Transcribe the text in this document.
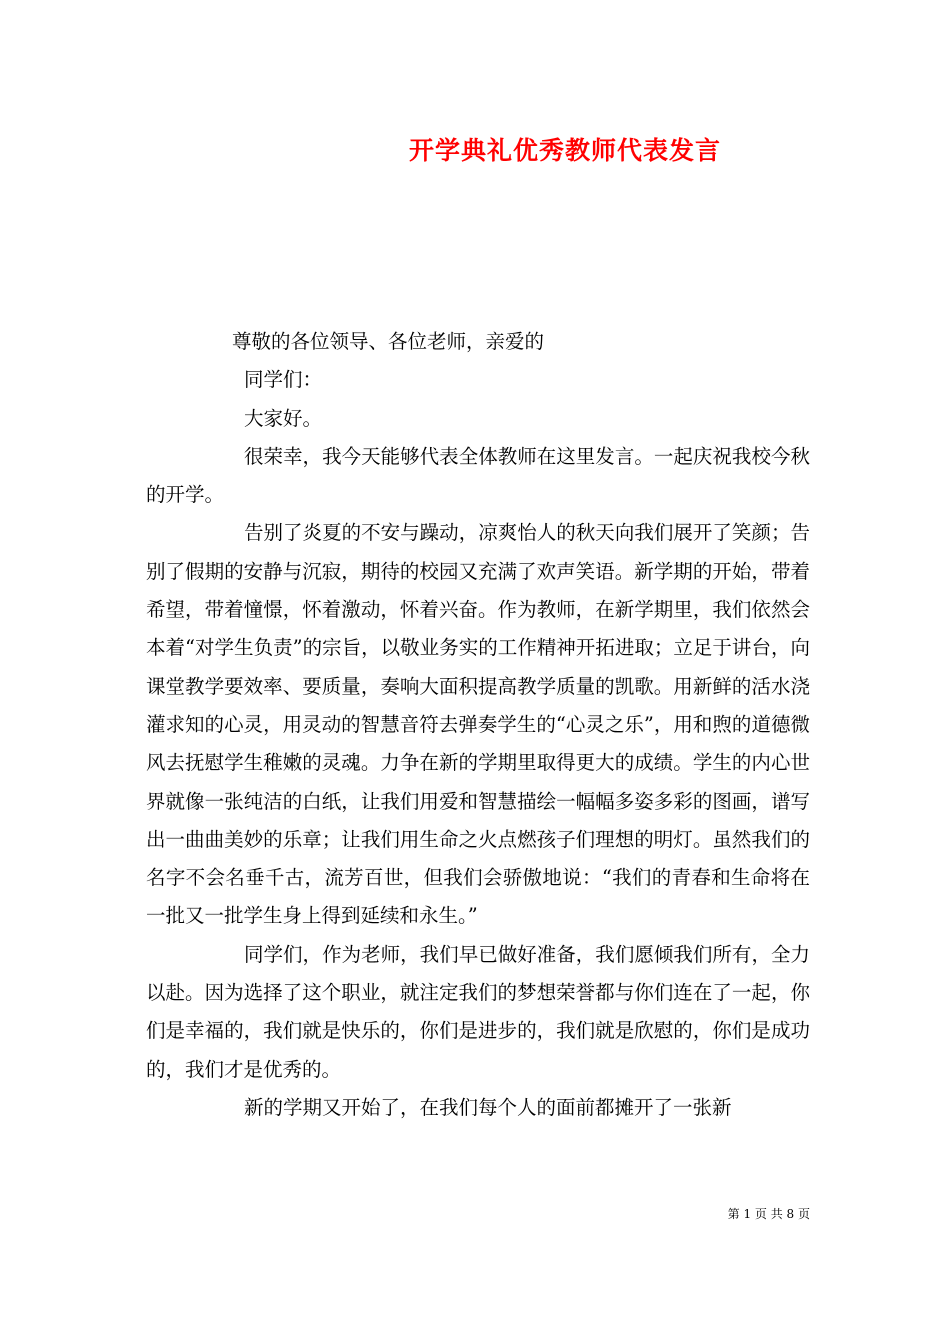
开学典礼优秀教师代表发言

尊敬的各位领导、各位老师，亲爱的

同学们：

大家好。

很荣幸，我今天能够代表全体教师在这里发言。一起庆祝我校今秋的开学。

告别了炎夏的不安与躁动，凉爽怡人的秋天向我们展开了笑颜；告别了假期的安静与沉寂，期待的校园又充满了欢声笑语。新学期的开始，带着希望，带着憧憬，怀着激动，怀着兴奋。作为教师，在新学期里，我们依然会本着“对学生负责”的宗旨，以敬业务实的工作精神开拓进取；立足于讲台，向课堂教学要效率、要质量，奏响大面积提高教学质量的凯歌。用新鲜的活水浇灌求知的心灵，用灵动的智慧音符去弹奏学生的“心灵之乐”，用和煦的道德微风去抚慰学生稚嫩的灵魂。力争在新的学期里取得更大的成绩。学生的内心世界就像一张纯洁的白纸，让我们用爱和智慧描绘一幅幅多姿多彩的图画，谱写出一曲曲美妙的乐章；让我们用生命之火点燃孩子们理想的明灯。虽然我们的名字不会名垂千古，流芳百世，但我们会骄傲地说：“我们的青春和生命将在一批又一批学生身上得到延续和永生。”

同学们，作为老师，我们早已做好准备，我们愿倾我们所有，全力以赴。因为选择了这个职业，就注定我们的梦想荣誉都与你们连在了一起，你们是幸福的，我们就是快乐的，你们是进步的，我们就是欣慰的，你们是成功的，我们才是优秀的。

新的学期又开始了，在我们每个人的面前都摊开了一张新

第 1 页 共 8 页
